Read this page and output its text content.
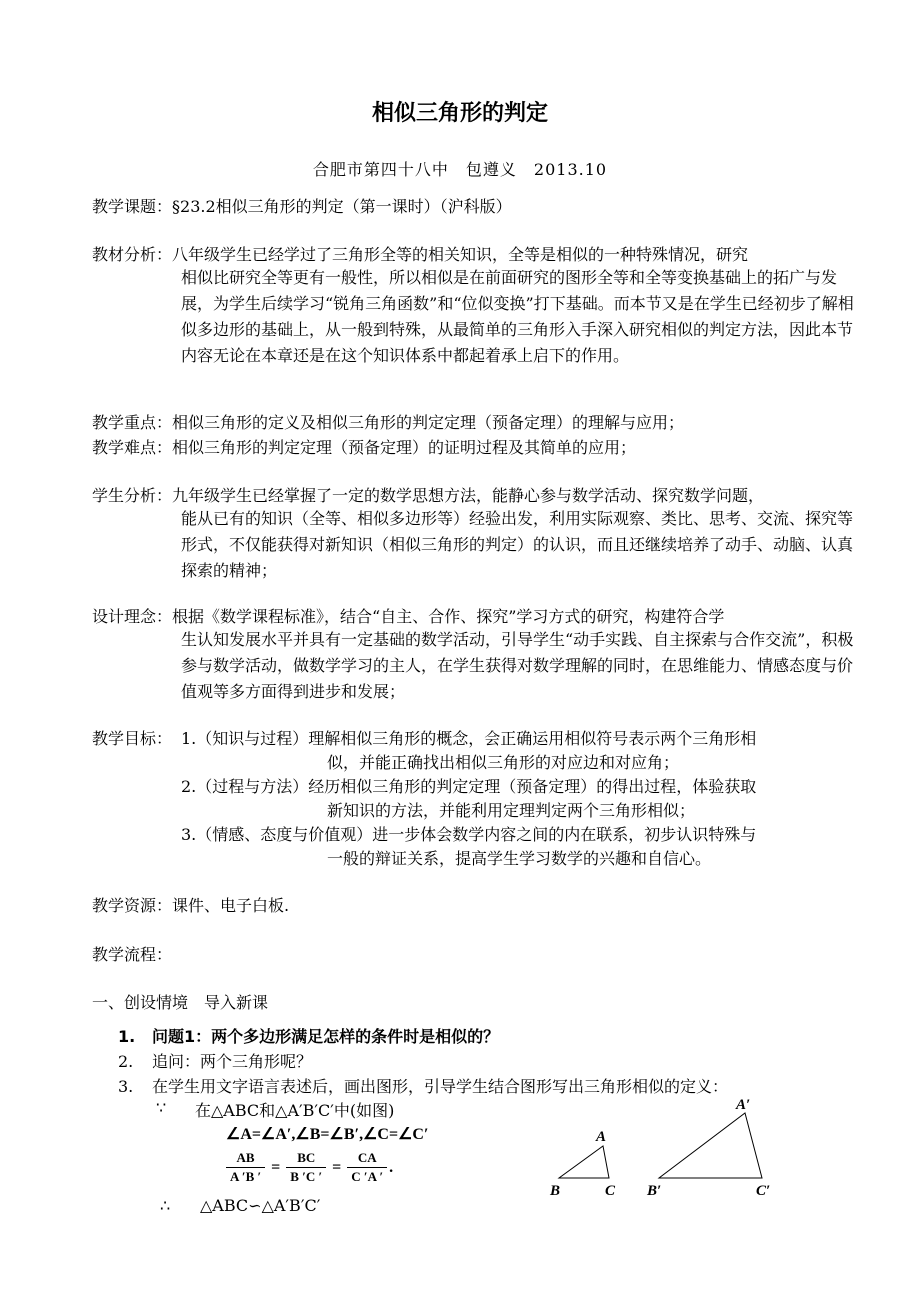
相似三角形的判定
合肥市第四十八中　包遵义　2013.10
教学课题：§23.2相似三角形的判定（第一课时）（沪科版）
教材分析：八年级学生已经学过了三角形全等的相关知识，全等是相似的一种特殊情况，研究
相似比研究全等更有一般性，所以相似是在前面研究的图形全等和全等变换基础上的拓广与发展，为学生后续学习“锐角三角函数”和“位似变换”打下基础。而本节又是在学生已经初步了解相似多边形的基础上，从一般到特殊，从最简单的三角形入手深入研究相似的判定方法，因此本节内容无论在本章还是在这个知识体系中都起着承上启下的作用。
教学重点：相似三角形的定义及相似三角形的判定定理（预备定理）的理解与应用；
教学难点：相似三角形的判定定理（预备定理）的证明过程及其简单的应用；
学生分析：九年级学生已经掌握了一定的数学思想方法，能静心参与数学活动、探究数学问题，
能从已有的知识（全等、相似多边形等）经验出发，利用实际观察、类比、思考、交流、探究等形式，不仅能获得对新知识（相似三角形的判定）的认识，而且还继续培养了动手、动脑、认真探索的精神；
设计理念：根据《数学课程标准》，结合“自主、合作、探究”学习方式的研究，构建符合学
生认知发展水平并具有一定基础的数学活动，引导学生“动手实践、自主探索与合作交流”，积极参与数学活动，做数学学习的主人，在学生获得对数学理解的同时，在思维能力、情感态度与价值观等多方面得到进步和发展；
教学目标： 1.（知识与过程）理解相似三角形的概念，会正确运用相似符号表示两个三角形相
似，并能正确找出相似三角形的对应边和对应角；
2.（过程与方法）经历相似三角形的判定定理（预备定理）的得出过程，体验获取
新知识的方法，并能利用定理判定两个三角形相似；
3.（情感、态度与价值观）进一步体会数学内容之间的内在联系，初步认识特殊与
一般的辩证关系，提高学生学习数学的兴趣和自信心。
教学资源：课件、电子白板.
教学流程：
一、创设情境　导入新课
1. 问题1：两个多边形满足怎样的条件时是相似的？
2. 追问：两个三角形呢？
3. 在学生用文字语言表述后，画出图形，引导学生结合图形写出三角形相似的定义：
∵ 在△ABC和△A′B′C′中(如图)
∠A=∠A′,∠B=∠B′,∠C=∠C′
$\frac{AB}{A 'B '} = \frac{BC}{B 'C '} = \frac{CA}{C 'A '}$ .
∴ △ABC∽△A′B′C′
A
B	C
A′
B′	C′
